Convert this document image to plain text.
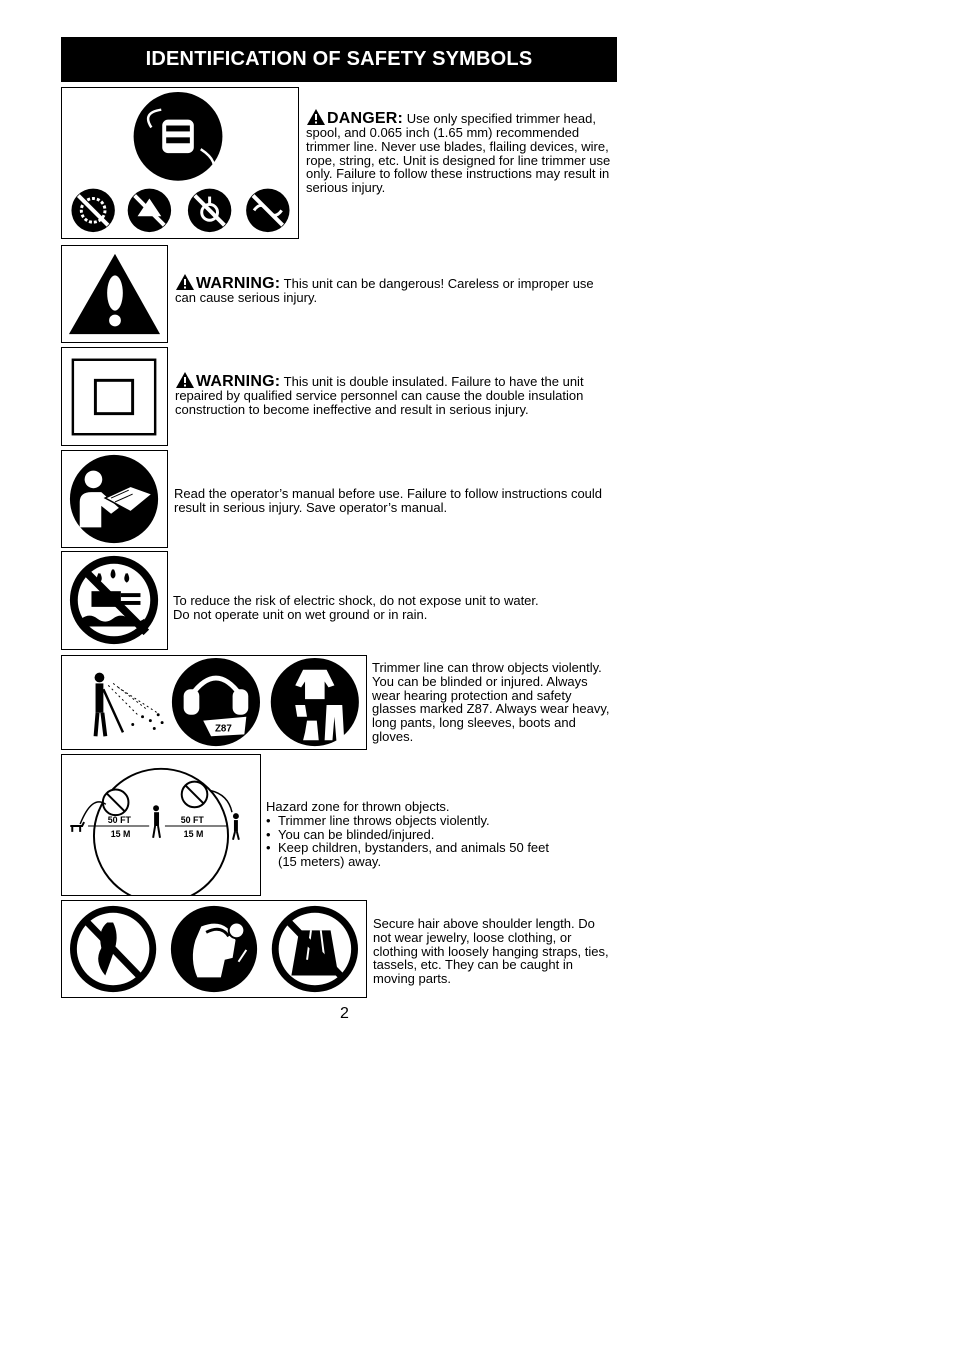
IDENTIFICATION OF SAFETY SYMBOLS
DANGER: Use only specified trimmer head, spool, and 0.065 inch (1.65 mm) recommended trimmer line. Never use blades, flailing devices, wire, rope, string, etc. Unit is designed for line trimmer use only. Failure to follow these instructions may result in serious injury.
WARNING: This unit can be dangerous! Careless or improper use can cause serious injury.
WARNING: This unit is double insulated. Failure to have the unit repaired by qualified service personnel can cause the double insulation construction to become ineffective and result in serious injury.
Read the operator’s manual before use. Failure to follow instructions could result in serious injury. Save operator’s manual.
To reduce the risk of electric shock, do not expose unit to water.
Do not operate unit on wet ground or in rain.
Z87
Trimmer line can throw objects violently. You can be blinded or injured. Always wear hearing protection and safety glasses marked Z87. Always wear heavy, long pants, long sleeves, boots and gloves.
50 FT
15 M
50 FT
15 M
Hazard zone for thrown objects.
• Trimmer line throws objects violently.
• You can be blinded/injured.
• Keep children, bystanders, and animals 50 feet (15 meters) away.
Secure hair above shoulder length. Do not wear jewelry, loose clothing, or clothing with loosely hanging straps, ties, tassels, etc. They can be caught in moving parts.
2
